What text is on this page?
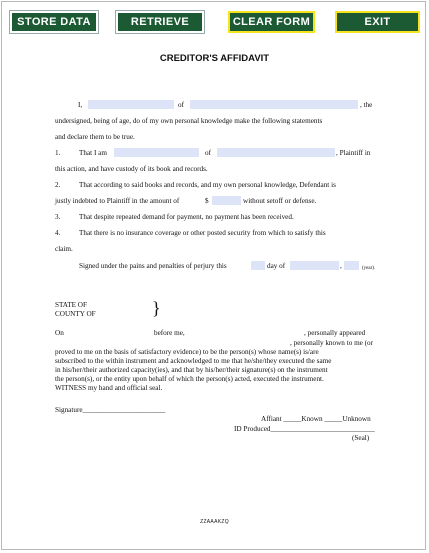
STORE DATA	RETRIEVE DATA
CLEAR FORM	EXIT
CREDITOR'S AFFIDAVIT
I,	of	, the
undersigned, being of age, do of my own personal knowledge make the following statements
and declare them to be true.
1.	That I am	of	, Plaintiff in
this action, and have custody of its book and records.
2.	That according to said books and records, and my own personal knowledge, Defendant is
justly indebted to Plaintiff in the amount of	$	without setoff or defense.
3.	That despite repeated demand for payment, no payment has been received.
4.	That there is no insurance coverage or other posted security from which to satisfy this
claim.
Signed under the pains and penalties of perjury this	day of	,	(year).
STATE OF
COUNTY OF	}
On	before me,	, personally appeared
, personally known to me (or
proved to me on the basis of satisfactory evidence) to be the person(s) whose name(s) is/are
subscribed to the within instrument and acknowledged to me that he/she/they executed the same
in his/her/their authorized capacity(ies), and that by his/her/their signature(s) on the instrument
the person(s), or the entity upon behalf of which the person(s) acted, executed the instrument.
WITNESS my hand and official seal.
Signature_______________________
Affiant _____Known _____Unknown
ID Produced_____________________________
(Seal)
ZZAAAKZQ
